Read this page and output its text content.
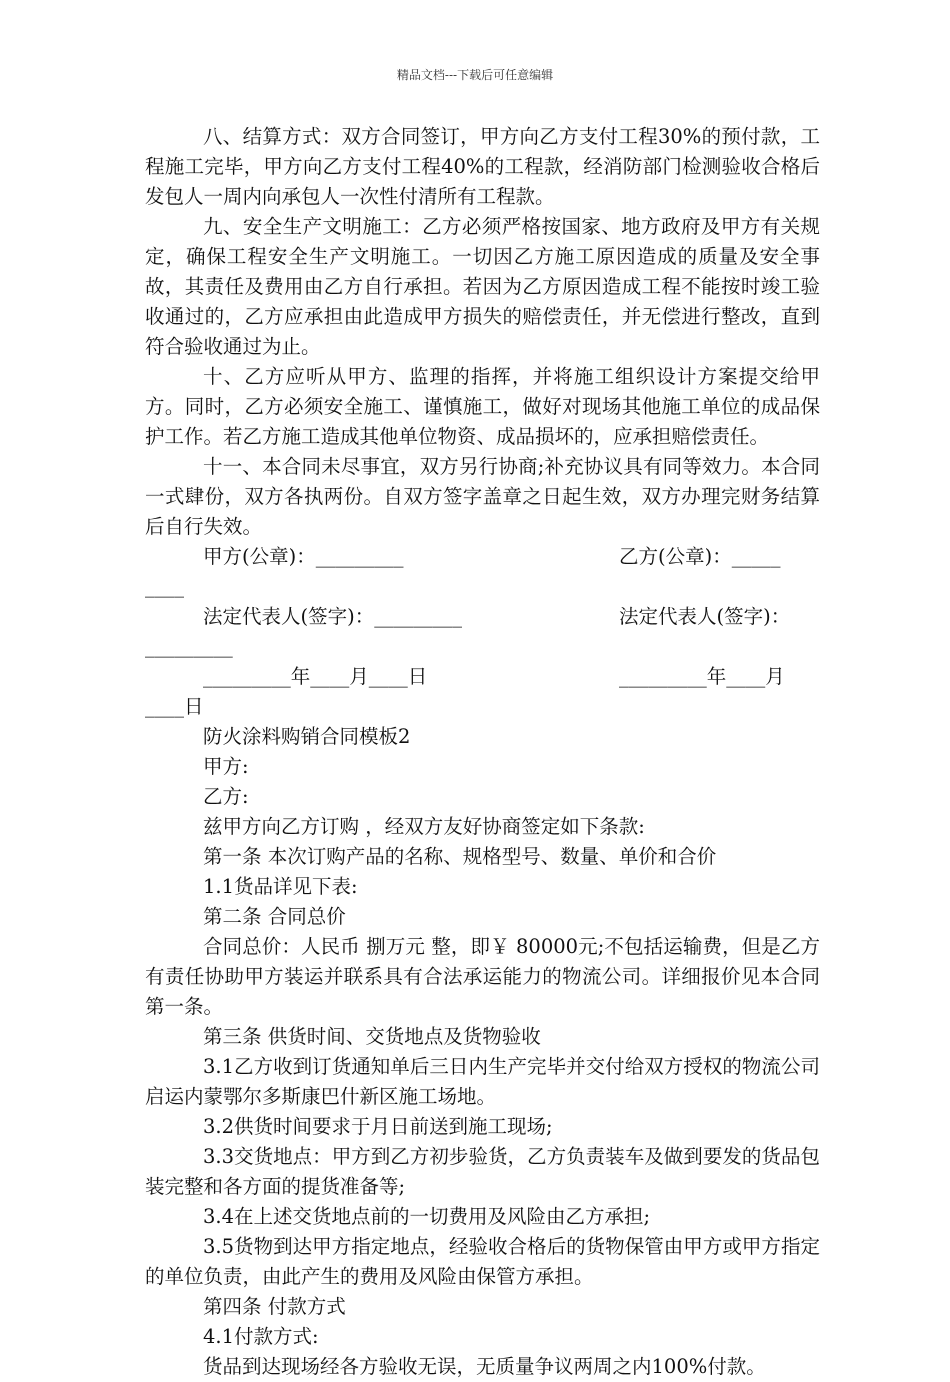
精品文档---下载后可任意编辑

八、结算方式：双方合同签订，甲方向乙方支付工程30%的预付款，工程施工完毕，甲方向乙方支付工程40%的工程款，经消防部门检测验收合格后发包人一周内向承包人一次性付清所有工程款。

九、安全生产文明施工：乙方必须严格按国家、地方政府及甲方有关规定，确保工程安全生产文明施工。一切因乙方施工原因造成的质量及安全事故，其责任及费用由乙方自行承担。若因为乙方原因造成工程不能按时竣工验收通过的，乙方应承担由此造成甲方损失的赔偿责任，并无偿进行整改，直到符合验收通过为止。

十、乙方应听从甲方、监理的指挥，并将施工组织设计方案提交给甲方。同时，乙方必须安全施工、谨慎施工，做好对现场其他施工单位的成品保护工作。若乙方施工造成其他单位物资、成品损坏的，应承担赔偿责任。

十一、本合同未尽事宜，双方另行协商;补充协议具有同等效力。本合同一式肆份，双方各执两份。自双方签字盖章之日起生效，双方办理完财务结算后自行失效。

甲方(公章)：_________	乙方(公章)：_____
____
法定代表人(签字)：_________	法定代表人(签字)：
_________
_________年____月____日	_________年____月
____日

防火涂料购销合同模板2

甲方:

乙方:

兹甲方向乙方订购 ，经双方友好协商签定如下条款:

第一条 本次订购产品的名称、规格型号、数量、单价和合价

1.1货品详见下表:

第二条 合同总价

合同总价：人民币 捌万元 整，即￥ 80000元;不包括运输费，但是乙方有责任协助甲方装运并联系具有合法承运能力的物流公司。详细报价见本合同第一条。

第三条 供货时间、交货地点及货物验收

3.1乙方收到订货通知单后三日内生产完毕并交付给双方授权的物流公司启运内蒙鄂尔多斯康巴什新区施工场地。

3.2供货时间要求于月日前送到施工现场;

3.3交货地点：甲方到乙方初步验货，乙方负责装车及做到要发的货品包装完整和各方面的提货准备等;

3.4在上述交货地点前的一切费用及风险由乙方承担;

3.5货物到达甲方指定地点，经验收合格后的货物保管由甲方或甲方指定的单位负责，由此产生的费用及风险由保管方承担。

第四条 付款方式

4.1付款方式:

货品到达现场经各方验收无误，无质量争议两周之内100%付款。
